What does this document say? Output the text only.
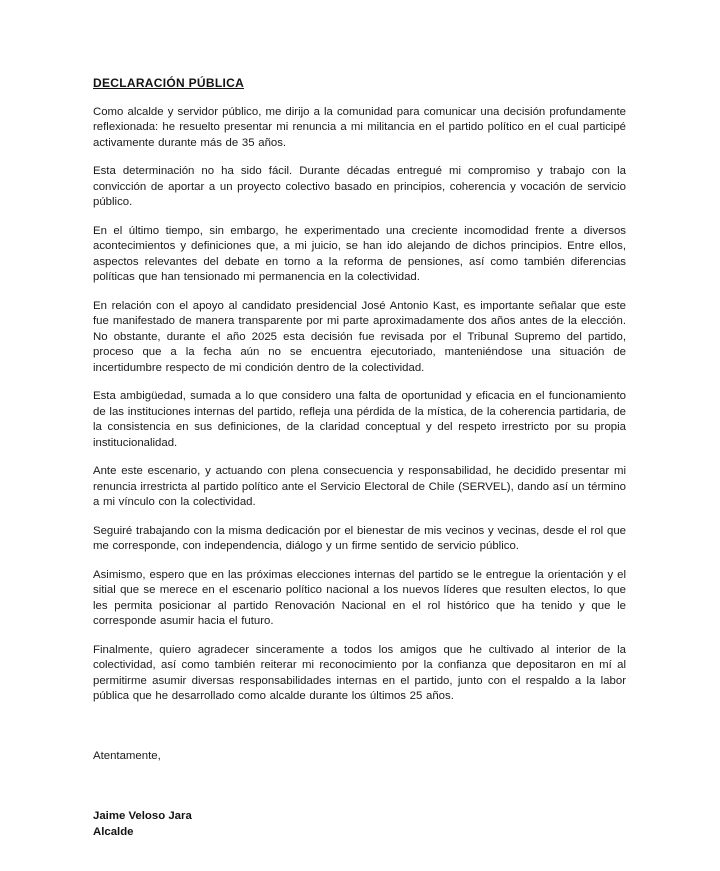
DECLARACIÓN PÚBLICA

Como alcalde y servidor público, me dirijo a la comunidad para comunicar una decisión profundamente reflexionada: he resuelto presentar mi renuncia a mi militancia en el partido político en el cual participé activamente durante más de 35 años.

Esta determinación no ha sido fácil. Durante décadas entregué mi compromiso y trabajo con la convicción de aportar a un proyecto colectivo basado en principios, coherencia y vocación de servicio público.

En el último tiempo, sin embargo, he experimentado una creciente incomodidad frente a diversos acontecimientos y definiciones que, a mi juicio, se han ido alejando de dichos principios. Entre ellos, aspectos relevantes del debate en torno a la reforma de pensiones, así como también diferencias políticas que han tensionado mi permanencia en la colectividad.

En relación con el apoyo al candidato presidencial José Antonio Kast, es importante señalar que este fue manifestado de manera transparente por mi parte aproximadamente dos años antes de la elección. No obstante, durante el año 2025 esta decisión fue revisada por el Tribunal Supremo del partido, proceso que a la fecha aún no se encuentra ejecutoriado, manteniéndose una situación de incertidumbre respecto de mi condición dentro de la colectividad.

Esta ambigüedad, sumada a lo que considero una falta de oportunidad y eficacia en el funcionamiento de las instituciones internas del partido, refleja una pérdida de la mística, de la coherencia partidaria, de la consistencia en sus definiciones, de la claridad conceptual y del respeto irrestricto por su propia institucionalidad.

Ante este escenario, y actuando con plena consecuencia y responsabilidad, he decidido presentar mi renuncia irrestricta al partido político ante el Servicio Electoral de Chile (SERVEL), dando así un término a mi vínculo con la colectividad.

Seguiré trabajando con la misma dedicación por el bienestar de mis vecinos y vecinas, desde el rol que me corresponde, con independencia, diálogo y un firme sentido de servicio público.

Asimismo, espero que en las próximas elecciones internas del partido se le entregue la orientación y el sitial que se merece en el escenario político nacional a los nuevos líderes que resulten electos, lo que les permita posicionar al partido Renovación Nacional en el rol histórico que ha tenido y que le corresponde asumir hacia el futuro.

Finalmente, quiero agradecer sinceramente a todos los amigos que he cultivado al interior de la colectividad, así como también reiterar mi reconocimiento por la confianza que depositaron en mí al permitirme asumir diversas responsabilidades internas en el partido, junto con el respaldo a la labor pública que he desarrollado como alcalde durante los últimos 25 años.

Atentamente,

Jaime Veloso Jara
Alcalde
